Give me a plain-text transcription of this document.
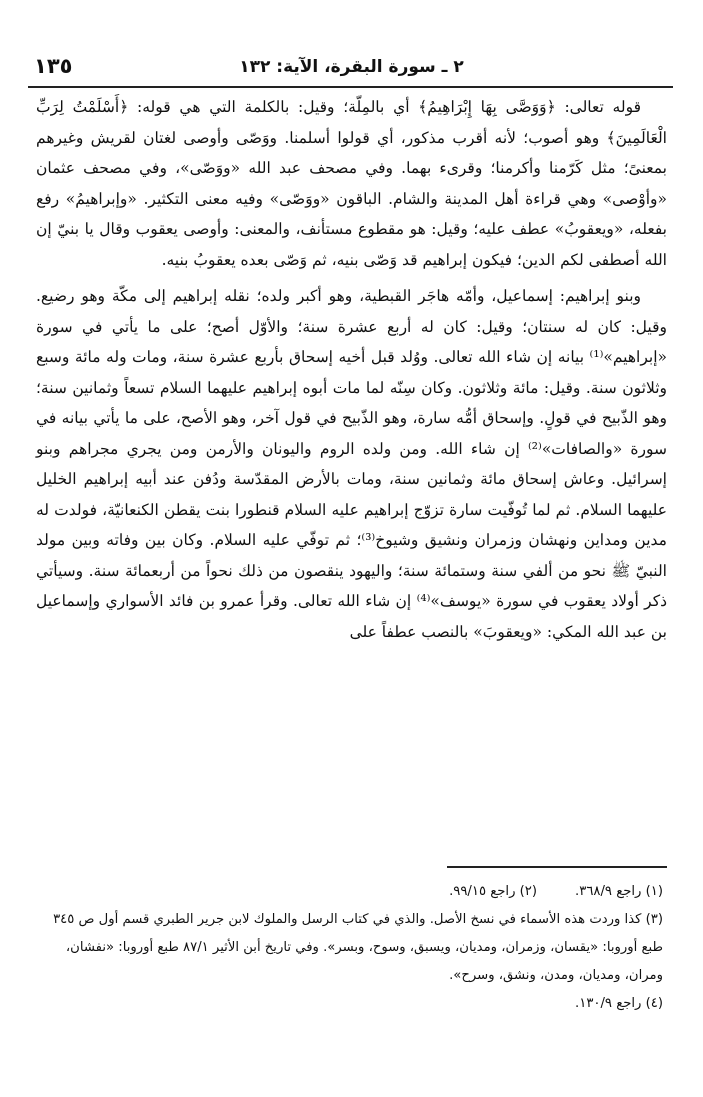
٢ ـ سورة البقرة، الآية: ١٣٢
١٣٥

قوله تعالى: ﴿وَوَصَّى بِهَا إِبْرَاهِيمُ﴾ أي بالمِلّة؛ وقيل: بالكلمة التي هي قوله: ﴿أَسْلَمْتُ لِرَبِّ الْعَالَمِينَ﴾ وهو أصوب؛ لأنه أقرب مذكور، أي قولوا أسلمنا. ووَصّى وأوصى لغتان لقريش وغيرهم بمعنىً؛ مثل كَرّمنا وأكرمنا؛ وقرىء بهما. وفي مصحف عبد الله «ووَصّى»، وفي مصحف عثمان «وأوْصى» وهي قراءة أهل المدينة والشام. الباقون «ووَصّى» وفيه معنى التكثير. «وإبراهيمُ» رفع بفعله، «ويعقوبُ» عطف عليه؛ وقيل: هو مقطوع مستأنف، والمعنى: وأوصى يعقوب وقال يا بنيّ إن الله أصطفى لكم الدين؛ فيكون إبراهيم قد وَصّى بنيه، ثم وَصّى بعده يعقوبُ بنيه.

وبنو إبراهيم: إسماعيل، وأمّه هاجَر القبطية، وهو أكبر ولده؛ نقله إبراهيم إلى مكّة وهو رضيع. وقيل: كان له سنتان؛ وقيل: كان له أربع عشرة سنة؛ والأوّل أصح؛ على ما يأتي في سورة «إبراهيم»⁽¹⁾ بيانه إن شاء الله تعالى. ووُلد قبل أخيه إسحاق بأربع عشرة سنة، ومات وله مائة وسبع وثلاثون سنة. وقيل: مائة وثلاثون. وكان سِنّه لما مات أبوه إبراهيم عليهما السلام تسعاً وثمانين سنة؛ وهو الذّبيح في قولٍ. وإسحاق أمُّه سارة، وهو الذّبيح في قول آخر، وهو الأصح، على ما يأتي بيانه في سورة «والصافات»⁽²⁾ إن شاء الله. ومن ولده الروم واليونان والأرمن ومن يجري مجراهم وبنو إسرائيل. وعاش إسحاق مائة وثمانين سنة، ومات بالأرض المقدّسة ودُفن عند أبيه إبراهيم الخليل عليهما السلام. ثم لما تُوفّيت سارة تزوّج إبراهيم عليه السلام قنطورا بنت يقطن الكنعانيّة، فولدت له مدين ومداين ونهشان وزمران ونشيق وشيوخ⁽³⁾؛ ثم توفّي عليه السلام. وكان بين وفاته وبين مولد النبيّ ﷺ نحو من ألفي سنة وستمائة سنة؛ واليهود ينقصون من ذلك نحواً من أربعمائة سنة. وسيأتي ذكر أولاد يعقوب في سورة «يوسف»⁽⁴⁾ إن شاء الله تعالى. وقرأ عمرو بن فائد الأسواري وإسماعيل بن عبد الله المكي: «ويعقوبَ» بالنصب عطفاً على

(١) راجع ٣٦٨/٩.
(٢) راجع ٩٩/١٥.

(٣) كذا وردت هذه الأسماء في نسخ الأصل. والذي في كتاب الرسل والملوك لابن جرير الطبري قسم أول ص ٣٤٥ طبع أوروبا: «يقسان، وزمران، ومديان، ويسبق، وسوح، وبسر». وفي تاريخ أبن الأثير ٨٧/١ طبع أوروبا: «نفشان، ومران، ومديان، ومدن، ونشق، وسرح».

(٤) راجع ١٣٠/٩.
